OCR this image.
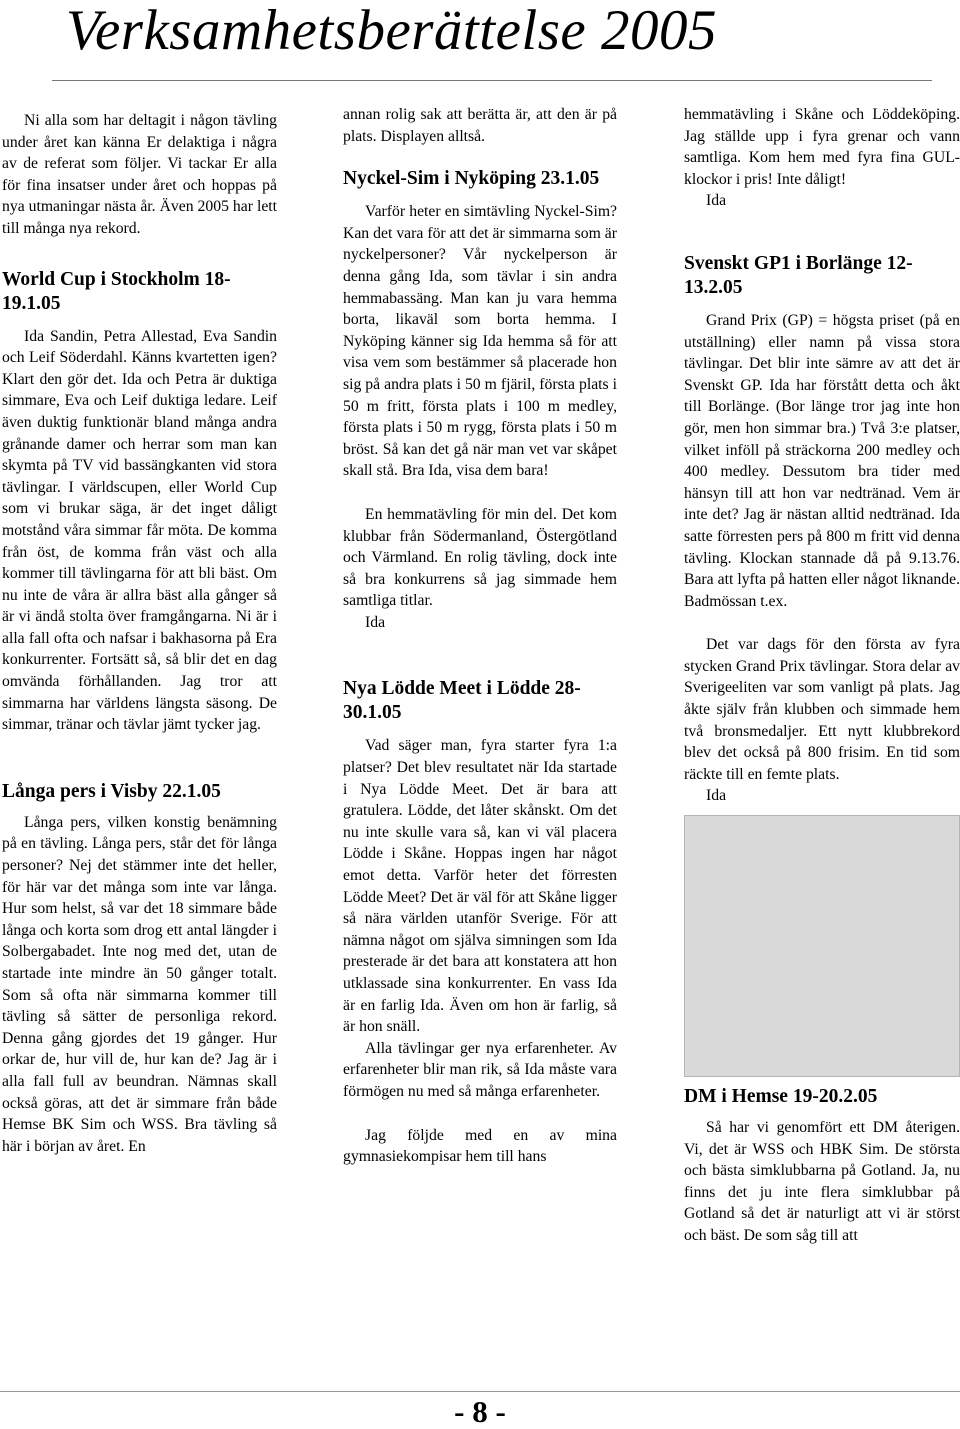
Verksamhetsberättelse 2005

Ni alla som har deltagit i någon tävling under året kan känna Er delaktiga i några av de referat som följer. Vi tackar Er alla för fina insatser under året och hoppas på nya utmaningar nästa år. Även 2005 har lett till många nya rekord.

World Cup i Stockholm 18-19.1.05

Ida Sandin, Petra Allestad, Eva Sandin och Leif Söderdahl. Känns kvartetten igen? Klart den gör det. Ida och Petra är duktiga simmare, Eva och Leif duktiga ledare. Leif även duktig funktionär bland många andra grånande damer och herrar som man kan skymta på TV vid bassängkanten vid stora tävlingar. I världscupen, eller World Cup som vi brukar säga, är det inget dåligt motstånd våra simmar får möta. De komma från öst, de komma från väst och alla kommer till tävlingarna för att bli bäst. Om nu inte de våra är allra bäst alla gånger så är vi ändå stolta över framgångarna. Ni är i alla fall ofta och nafsar i bakhasorna på Era konkurrenter. Fortsätt så, så blir det en dag omvända förhållanden. Jag tror att simmarna har världens längsta säsong. De simmar, tränar och tävlar jämt tycker jag.

Långa pers i Visby 22.1.05

Långa pers, vilken konstig benämning på en tävling. Långa pers, står det för långa personer? Nej det stämmer inte det heller, för här var det många som inte var långa. Hur som helst, så var det 18 simmare både långa och korta som drog ett antal längder i Solbergabadet. Inte nog med det, utan de startade inte mindre än 50 gånger totalt. Som så ofta när simmarna kommer till tävling så sätter de personliga rekord. Denna gång gjordes det 19 gånger. Hur orkar de, hur vill de, hur kan de? Jag är i alla fall full av beundran. Nämnas skall också göras, att det är simmare från både Hemse BK Sim och WSS. Bra tävling så här i början av året. En

annan rolig sak att berätta är, att den är på plats. Displayen alltså.

Nyckel-Sim i Nyköping 23.1.05

Varför heter en simtävling Nyckel-Sim? Kan det vara för att det är simmarna som är nyckelpersoner? Vår nyckelperson är denna gång Ida, som tävlar i sin andra hemmabassäng. Man kan ju vara hemma borta, likaväl som borta hemma. I Nyköping känner sig Ida hemma så för att visa vem som bestämmer så placerade hon sig på andra plats i 50 m fjäril, första plats i 50 m fritt, första plats i 100 m medley, första plats i 50 m rygg, första plats i 50 m bröst. Så kan det gå när man vet var skåpet skall stå. Bra Ida, visa dem bara!

En hemmatävling för min del. Det kom klubbar från Södermanland, Östergötland och Värmland. En rolig tävling, dock inte så bra konkurrens så jag simmade hem samtliga titlar.

Ida

Nya Lödde Meet i Lödde 28-30.1.05

Vad säger man, fyra starter fyra 1:a platser? Det blev resultatet när Ida startade i Nya Lödde Meet. Det är bara att gratulera. Lödde, det låter skånskt. Om det nu inte skulle vara så, kan vi väl placera Lödde i Skåne. Hoppas ingen har något emot detta. Varför heter det förresten Lödde Meet? Det är väl för att Skåne ligger så nära världen utanför Sverige. För att nämna något om själva simningen som Ida presterade är det bara att konstatera att hon utklassade sina konkurrenter. En vass Ida är en farlig Ida. Även om hon är farlig, så är hon snäll.

Alla tävlingar ger nya erfarenheter. Av erfarenheter blir man rik, så Ida måste vara förmögen nu med så många erfarenheter.

Jag följde med en av mina gymnasiekompisar hem till hans

hemmatävling i Skåne och Löddeköping. Jag ställde upp i fyra grenar och vann samtliga. Kom hem med fyra fina GUL-klockor i pris! Inte dåligt!

Ida

Svenskt GP1 i Borlänge 12-13.2.05

Grand Prix (GP) = högsta priset (på en utställning) eller namn på vissa stora tävlingar. Det blir inte sämre av att det är Svenskt GP. Ida har förstått detta och åkt till Borlänge. (Bor länge tror jag inte hon gör, men hon simmar bra.) Två 3:e platser, vilket inföll på sträckorna 200 medley och 400 medley. Dessutom bra tider med hänsyn till att hon var nedtränad. Vem är inte det? Jag är nästan alltid nedtränad. Ida satte förresten pers på 800 m fritt vid denna tävling. Klockan stannade då på 9.13.76. Bara att lyfta på hatten eller något liknande. Badmössan t.ex.

Det var dags för den första av fyra stycken Grand Prix tävlingar. Stora delar av Sverigeeliten var som vanligt på plats. Jag åkte själv från klubben och simmade hem två bronsmedaljer. Ett nytt klubbrekord blev det också på 800 frisim. En tid som räckte till en femte plats.

Ida

DM i Hemse 19-20.2.05

Så har vi genomfört ett DM återigen. Vi, det är WSS och HBK Sim. De största och bästa simklubbarna på Gotland. Ja, nu finns det ju inte flera simklubbar på Gotland så det är naturligt att vi är störst och bäst. De som såg till att

- 8 -
